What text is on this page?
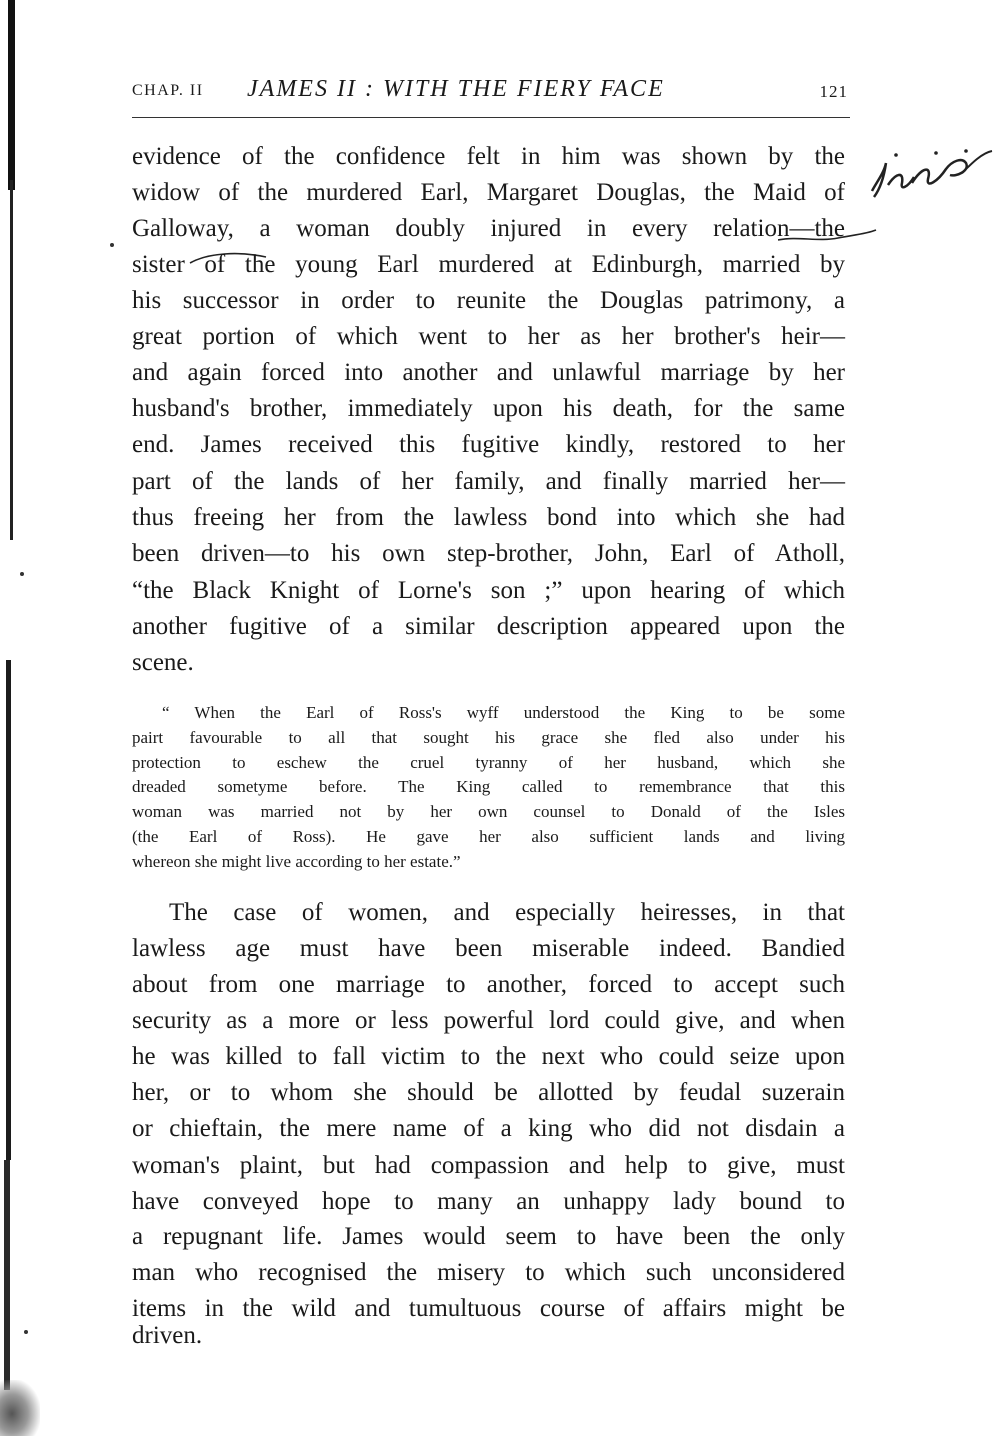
CHAP. II JAMES II : WITH THE FIERY FACE	121
evidence of the confidence felt in him was shown by the
widow of the murdered Earl, Margaret Douglas, the Maid of
Galloway, a woman doubly injured in every relation—the
sister of the young Earl murdered at Edinburgh, married by
his successor in order to reunite the Douglas patrimony, a
great portion of which went to her as her brother's heir—
and again forced into another and unlawful marriage by her
husband's brother, immediately upon his death, for the same
end. James received this fugitive kindly, restored to her
part of the lands of her family, and finally married her—
thus freeing her from the lawless bond into which she had
been driven—to his own step-brother, John, Earl of Atholl,
“the Black Knight of Lorne's son ;” upon hearing of which
another fugitive of a similar description appeared upon the
scene.
“ When the Earl of Ross's wyff understood the King to be some
pairt favourable to all that sought his grace she fled also under his
protection to eschew the cruel tyranny of her husband, which she
dreaded sometyme before. The King called to remembrance that this
woman was married not by her own counsel to Donald of the Isles
(the Earl of Ross). He gave her also sufficient lands and living
whereon she might live according to her estate.”
The case of women, and especially heiresses, in that
lawless age must have been miserable indeed. Bandied
about from one marriage to another, forced to accept such
security as a more or less powerful lord could give, and when
he was killed to fall victim to the next who could seize upon
her, or to whom she should be allotted by feudal suzerain
or chieftain, the mere name of a king who did not disdain a
woman's plaint, but had compassion and help to give, must
have conveyed hope to many an unhappy lady bound to
a repugnant life. James would seem to have been the only
man who recognised the misery to which such unconsidered
items in the wild and tumultuous course of affairs might be
driven.
